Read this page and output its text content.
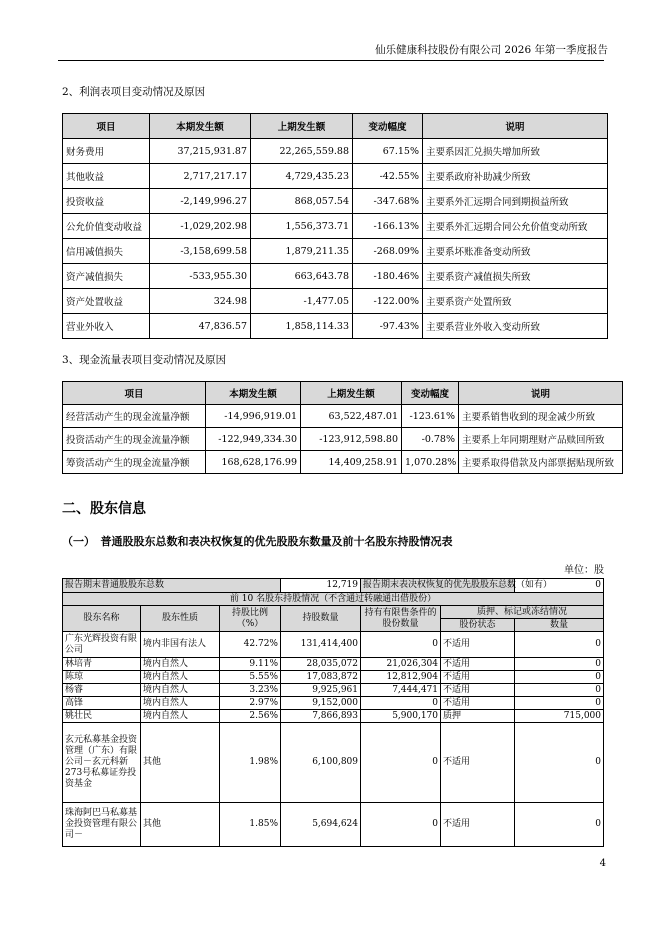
仙乐健康科技股份有限公司 2026 年第一季度报告
2、利润表项目变动情况及原因
项目	本期发生额	上期发生额	变动幅度	说明
财务费用	37,215,931.87	22,265,559.88	67.15%	主要系因汇兑损失增加所致
其他收益	2,717,217.17	4,729,435.23	-42.55%	主要系政府补助减少所致
投资收益	-2,149,996.27	868,057.54	-347.68%	主要系外汇远期合同到期损益所致
公允价值变动收益	-1,029,202.98	1,556,373.71	-166.13%	主要系外汇远期合同公允价值变动所致
信用减值损失	-3,158,699.58	1,879,211.35	-268.09%	主要系坏账准备变动所致
资产减值损失	-533,955.30	663,643.78	-180.46%	主要系资产减值损失所致
资产处置收益	324.98	-1,477.05	-122.00%	主要系资产处置所致
营业外收入	47,836.57	1,858,114.33	-97.43%	主要系营业外收入变动所致
3、现金流量表项目变动情况及原因
项目	本期发生额	上期发生额	变动幅度	说明
经营活动产生的现金流量净额	-14,996,919.01	63,522,487.01	-123.61%	主要系销售收到的现金减少所致
投资活动产生的现金流量净额	-122,949,334.30	-123,912,598.80	-0.78%	主要系上年同期理财产品赎回所致
筹资活动产生的现金流量净额	168,628,176.99	14,409,258.91	1,070.28%	主要系取得借款及内部票据贴现所致
二、股东信息
（一）　普通股股东总数和表决权恢复的优先股股东数量及前十名股东持股情况表
单位：股
报告期末普通股股东总数			12,719	报告期末表决权恢复的优先股股东总数（如有）		0
前 10 名股东持股情况（不含通过转融通出借股份）						
股东名称	股东性质	持股比例（%）	持股数量	持有有限售条件的股份数量	质押、标记或冻结情况	
					股份状态	数量
广东光辉投资有限公司	境内非国有法人	42.72%	131,414,400	0	不适用	0
林培青	境内自然人	9.11%	28,035,072	21,026,304	不适用	0
陈琼	境内自然人	5.55%	17,083,872	12,812,904	不适用	0
杨睿	境内自然人	3.23%	9,925,961	7,444,471	不适用	0
高锋	境内自然人	2.97%	9,152,000	0	不适用	0
姚壮民	境内自然人	2.56%	7,866,893	5,900,170	质押	715,000
玄元私募基金投资管理（广东）有限公司－玄元科新273号私募证券投资基金	其他	1.98%	6,100,809	0	不适用	0
珠海阿巴马私募基金投资管理有限公司－	其他	1.85%	5,694,624	0	不适用	0
4
